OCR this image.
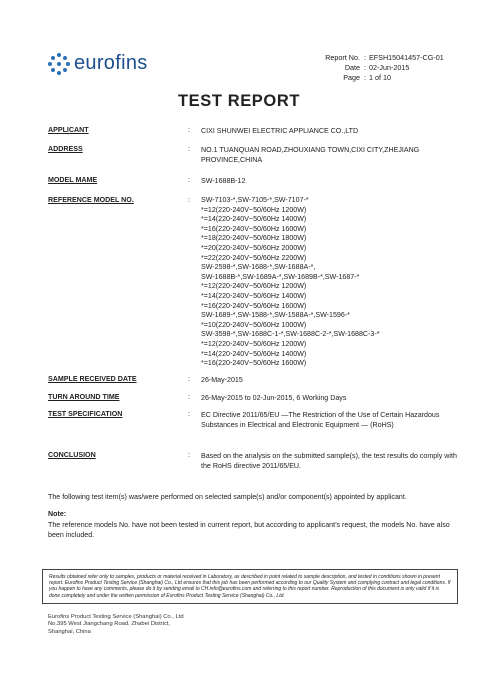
eurofins	Report No. : EFSH15041457-CG-01
Date : 02-Jun-2015
Page : 1 of 10
TEST REPORT
APPLICANT	: CIXI SHUNWEI ELECTRIC APPLIANCE CO.,LTD
ADDRESS	: NO.1 TUANQUAN ROAD,ZHOUXIANG TOWN,CIXI CITY,ZHEJIANG PROVINCE,CHINA
MODEL MAME	: SW-1688B-12
REFERENCE MODEL NO.	: SW-7103-*,SW-7105-*,SW-7107-*
*=12(220-240V~50/60Hz 1200W)
*=14(220-240V~50/60Hz 1400W)
*=16(220-240V~50/60Hz 1600W)
*=18(220-240V~50/60Hz 1800W)
*=20(220-240V~50/60Hz 2000W)
*=22(220-240V~50/60Hz 2200W)
SW-2598-*,SW-1688-*,SW-1688A-*,
SW-1688B-*,SW-1689A-*,SW-1689B-*,SW-1687-*
*=12(220-240V~50/60Hz 1200W)
*=14(220-240V~50/60Hz 1400W)
*=16(220-240V~50/60Hz 1600W)
SW-1689-*,SW-1588-*,SW-1588A-*,SW-1596-*
*=10(220-240V~50/60Hz 1000W)
SW-3598-*,SW-1688C-1-*,SW-1688C-2-*,SW-1688C-3-*
*=12(220-240V~50/60Hz 1200W)
*=14(220-240V~50/60Hz 1400W)
*=16(220-240V~50/60Hz 1600W)
SAMPLE RECEIVED DATE	: 26-May-2015
TURN AROUND TIME	: 26-May-2015 to 02-Jun-2015, 6 Working Days
TEST SPECIFICATION	: EC Directive 2011/65/EU —The Restriction of the Use of Certain Hazardous Substances in Electrical and Electronic Equipment — (RoHS)
CONCLUSION	: Based on the analysis on the submitted sample(s), the test results do comply with the RoHS directive 2011/65/EU.
The following test item(s) was/were performed on selected sample(s) and/or component(s) appointed by applicant.
Note:
The reference models No. have not been tested in current report, but according to applicant’s request, the models No. have also been included.
Results obtained refer only to samples, products or material received in Laboratory, as described in point related to sample description, and tested in conditions shown in present report. Eurofins Product Testing Service (Shanghai) Co., Ltd ensures that this job has been performed according to our Quality System and complying contract and legal conditions. If you happen to have any comments, please do it by sending email to CH.info@eurofins.com and referring to this report number. Reproduction of this document is only valid if it is done completely and under the written permission of Eurofins Product Testing Service (Shanghai) Co., Ltd.
Eurofins Product Testing Service (Shanghai) Co., Ltd
No.395 West Jiangchang Road, Zhabei District,
Shanghai, China
